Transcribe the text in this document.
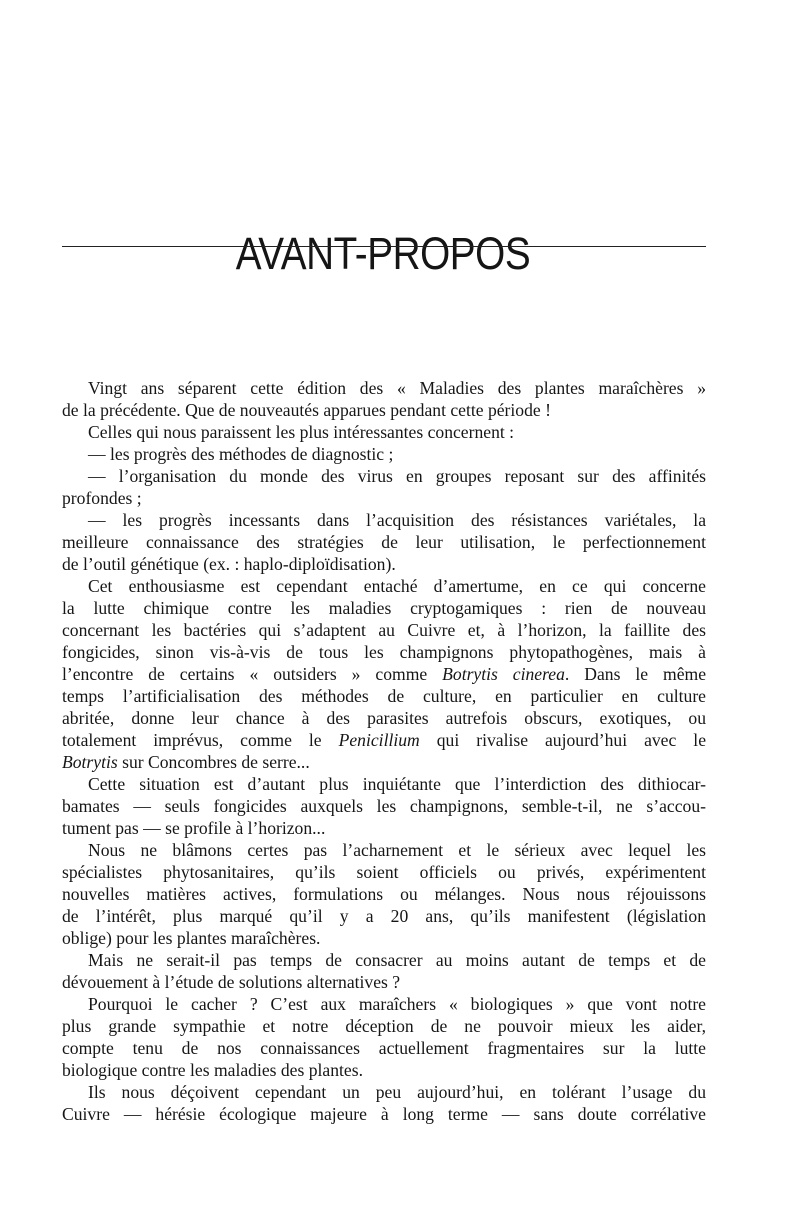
AVANT-PROPOS
Vingt ans séparent cette édition des « Maladies des plantes maraîchères »
de la précédente. Que de nouveautés apparues pendant cette période !
Celles qui nous paraissent les plus intéressantes concernent :
— les progrès des méthodes de diagnostic ;
— l’organisation du monde des virus en groupes reposant sur des affinités
profondes ;
— les progrès incessants dans l’acquisition des résistances variétales, la
meilleure connaissance des stratégies de leur utilisation, le perfectionnement
de l’outil génétique (ex. : haplo-diploïdisation).
Cet enthousiasme est cependant entaché d’amertume, en ce qui concerne
la lutte chimique contre les maladies cryptogamiques : rien de nouveau
concernant les bactéries qui s’adaptent au Cuivre et, à l’horizon, la faillite des
fongicides, sinon vis-à-vis de tous les champignons phytopathogènes, mais à
l’encontre de certains « outsiders » comme Botrytis cinerea. Dans le même
temps l’artificialisation des méthodes de culture, en particulier en culture
abritée, donne leur chance à des parasites autrefois obscurs, exotiques, ou
totalement imprévus, comme le Penicillium qui rivalise aujourd’hui avec le
Botrytis sur Concombres de serre...
Cette situation est d’autant plus inquiétante que l’interdiction des dithiocar-
bamates — seuls fongicides auxquels les champignons, semble-t-il, ne s’accou-
tument pas — se profile à l’horizon...
Nous ne blâmons certes pas l’acharnement et le sérieux avec lequel les
spécialistes phytosanitaires, qu’ils soient officiels ou privés, expérimentent
nouvelles matières actives, formulations ou mélanges. Nous nous réjouissons
de l’intérêt, plus marqué qu’il y a 20 ans, qu’ils manifestent (législation
oblige) pour les plantes maraîchères.
Mais ne serait-il pas temps de consacrer au moins autant de temps et de
dévouement à l’étude de solutions alternatives ?
Pourquoi le cacher ? C’est aux maraîchers « biologiques » que vont notre
plus grande sympathie et notre déception de ne pouvoir mieux les aider,
compte tenu de nos connaissances actuellement fragmentaires sur la lutte
biologique contre les maladies des plantes.
Ils nous déçoivent cependant un peu aujourd’hui, en tolérant l’usage du
Cuivre — hérésie écologique majeure à long terme — sans doute corrélative
